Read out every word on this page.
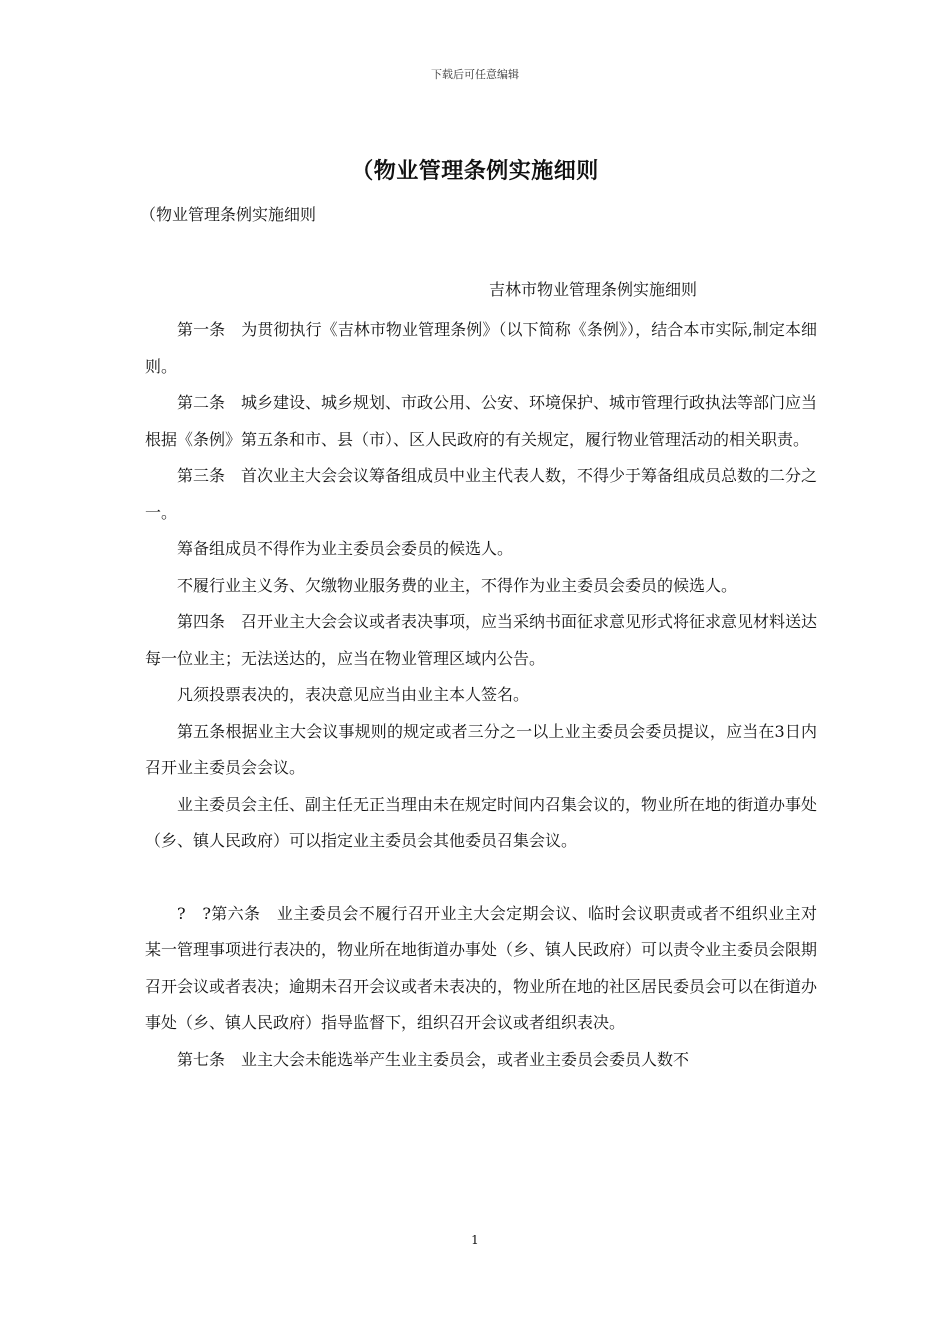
下载后可任意编辑
（物业管理条例实施细则
（物业管理条例实施细则
吉林市物业管理条例实施细则

第一条　为贯彻执行《吉林市物业管理条例》（以下简称《条例》），结合本市实际,制定本细则。

第二条　城乡建设、城乡规划、市政公用、公安、环境保护、城市管理行政执法等部门应当根据《条例》第五条和市、县（市）、区人民政府的有关规定，履行物业管理活动的相关职责。

第三条　首次业主大会会议筹备组成员中业主代表人数，不得少于筹备组成员总数的二分之一。

筹备组成员不得作为业主委员会委员的候选人。

不履行业主义务、欠缴物业服务费的业主，不得作为业主委员会委员的候选人。

第四条　召开业主大会会议或者表决事项，应当采纳书面征求意见形式将征求意见材料送达每一位业主；无法送达的，应当在物业管理区域内公告。

凡须投票表决的，表决意见应当由业主本人签名。

第五条根据业主大会议事规则的规定或者三分之一以上业主委员会委员提议，应当在3日内召开业主委员会会议。

业主委员会主任、副主任无正当理由未在规定时间内召集会议的，物业所在地的街道办事处（乡、镇人民政府）可以指定业主委员会其他委员召集会议。

?　?第六条　业主委员会不履行召开业主大会定期会议、临时会议职责或者不组织业主对某一管理事项进行表决的，物业所在地街道办事处（乡、镇人民政府）可以责令业主委员会限期召开会议或者表决；逾期未召开会议或者未表决的，物业所在地的社区居民委员会可以在街道办事处（乡、镇人民政府）指导监督下，组织召开会议或者组织表决。

第七条　业主大会未能选举产生业主委员会，或者业主委员会委员人数不

1
